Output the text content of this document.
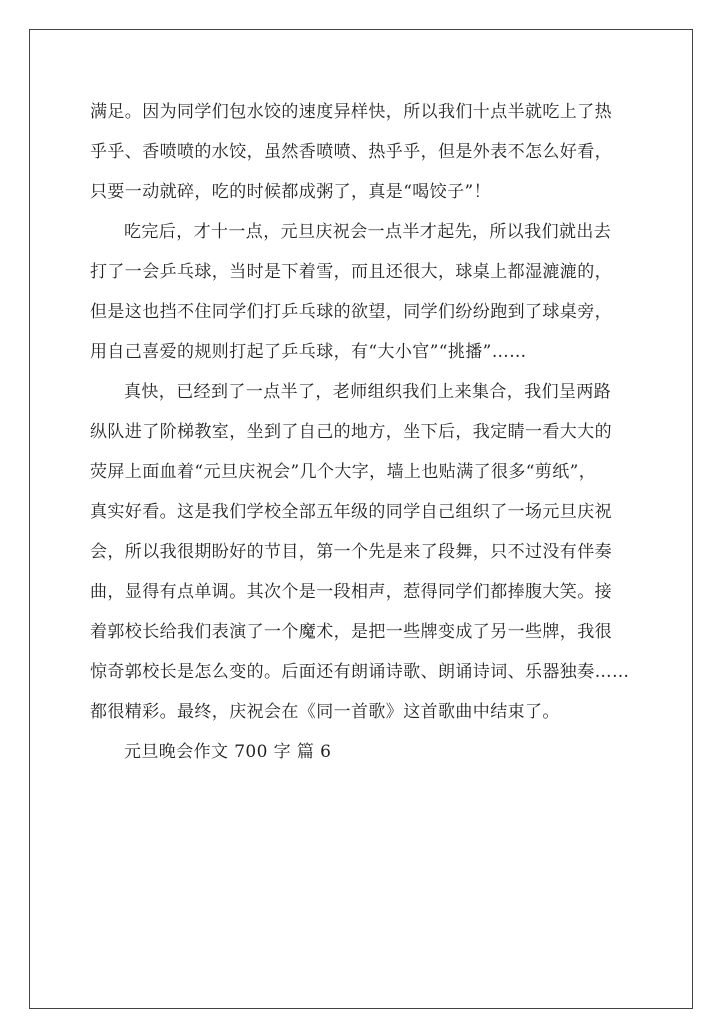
满足。因为同学们包水饺的速度异样快，所以我们十点半就吃上了热
乎乎、香喷喷的水饺，虽然香喷喷、热乎乎，但是外表不怎么好看，
只要一动就碎，吃的时候都成粥了，真是“喝饺子”！
吃完后，才十一点，元旦庆祝会一点半才起先，所以我们就出去
打了一会乒乓球，当时是下着雪，而且还很大，球桌上都湿漉漉的，
但是这也挡不住同学们打乒乓球的欲望，同学们纷纷跑到了球桌旁，
用自己喜爱的规则打起了乒乓球，有“大小官”“挑播”……
真快，已经到了一点半了，老师组织我们上来集合，我们呈两路
纵队进了阶梯教室，坐到了自己的地方，坐下后，我定睛一看大大的
荧屏上面血着“元旦庆祝会”几个大字，墙上也贴满了很多“剪纸”，
真实好看。这是我们学校全部五年级的同学自己组织了一场元旦庆祝
会，所以我很期盼好的节目，第一个先是来了段舞，只不过没有伴奏
曲，显得有点单调。其次个是一段相声，惹得同学们都捧腹大笑。接
着郭校长给我们表演了一个魔术，是把一些牌变成了另一些牌，我很
惊奇郭校长是怎么变的。后面还有朗诵诗歌、朗诵诗词、乐器独奏……
都很精彩。最终，庆祝会在《同一首歌》这首歌曲中结束了。
元旦晚会作文 700 字 篇 6
